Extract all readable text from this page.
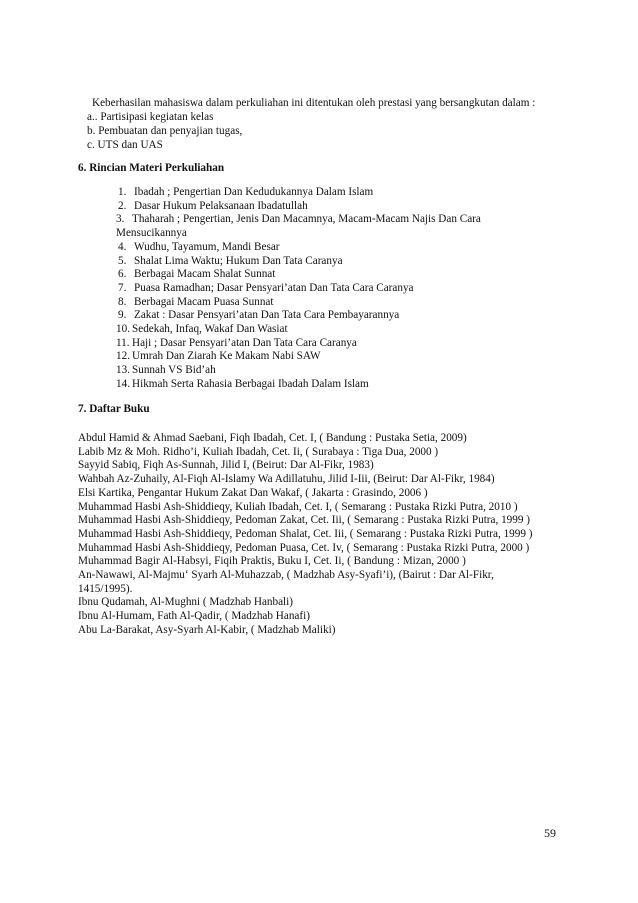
Keberhasilan mahasiswa dalam perkuliahan ini ditentukan oleh prestasi yang bersangkutan dalam :
a.. Partisipasi kegiatan kelas
b. Pembuatan dan penyajian tugas,
c. UTS dan UAS
6. Rincian Materi Perkuliahan
1. Ibadah ; Pengertian Dan Kedudukannya Dalam Islam
2. Dasar Hukum Pelaksanaan Ibadatullah
3. Thaharah ; Pengertian, Jenis Dan Macamnya, Macam-Macam Najis Dan Cara
Mensucikannya
4. Wudhu, Tayamum, Mandi Besar
5. Shalat Lima Waktu; Hukum Dan Tata Caranya
6. Berbagai Macam Shalat Sunnat
7. Puasa Ramadhan; Dasar Pensyari’atan Dan Tata Cara Caranya
8. Berbagai Macam Puasa Sunnat
9. Zakat : Dasar Pensyari’atan Dan Tata Cara Pembayarannya
10. Sedekah, Infaq, Wakaf Dan Wasiat
11. Haji ; Dasar Pensyari’atan Dan Tata Cara Caranya
12. Umrah Dan Ziarah Ke Makam Nabi SAW
13. Sunnah VS Bid’ah
14. Hikmah Serta Rahasia Berbagai Ibadah Dalam Islam
7. Daftar Buku
Abdul Hamid & Ahmad Saebani, Fiqh Ibadah, Cet. I, ( Bandung : Pustaka Setia, 2009)
Labib Mz & Moh. Ridho’i, Kuliah Ibadah, Cet. Ii, ( Surabaya : Tiga Dua, 2000 )
Sayyid Sabiq, Fiqh As-Sunnah, Jilid I, (Beirut: Dar Al-Fikr, 1983)
Wahbah Az-Zuhaily, Al-Fiqh Al-Islamy Wa Adillatuhu, Jilid I-Iii, (Beirut: Dar Al-Fikr, 1984)
Elsi Kartika, Pengantar Hukum Zakat Dan Wakaf, ( Jakarta : Grasindo, 2006 )
Muhammad Hasbi Ash-Shiddieqy, Kuliah Ibadah, Cet. I, ( Semarang : Pustaka Rizki Putra, 2010 )
Muhammad Hasbi Ash-Shiddieqy, Pedoman Zakat, Cet. Iii, ( Semarang : Pustaka Rizki Putra, 1999 )
Muhammad Hasbi Ash-Shiddieqy, Pedoman Shalat, Cet. Iii, ( Semarang : Pustaka Rizki Putra, 1999 )
Muhammad Hasbi Ash-Shiddieqy, Pedoman Puasa, Cet. Iv, ( Semarang : Pustaka Rizki Putra, 2000 )
Muhammad Bagir Al-Habsyi, Fiqih Praktis, Buku I, Cet. Ii, ( Bandung : Mizan, 2000 )
An-Nawawi, Al-Majmu‘ Syarh Al-Muhazzab, ( Madzhab Asy-Syafi’i), (Bairut : Dar Al-Fikr,
1415/1995).
Ibnu Qudamah, Al-Mughni ( Madzhab Hanbali)
Ibnu Al-Humam, Fath Al-Qadir, ( Madzhab Hanafi)
Abu La-Barakat, Asy-Syarh Al-Kabir, ( Madzhab Maliki)
59
